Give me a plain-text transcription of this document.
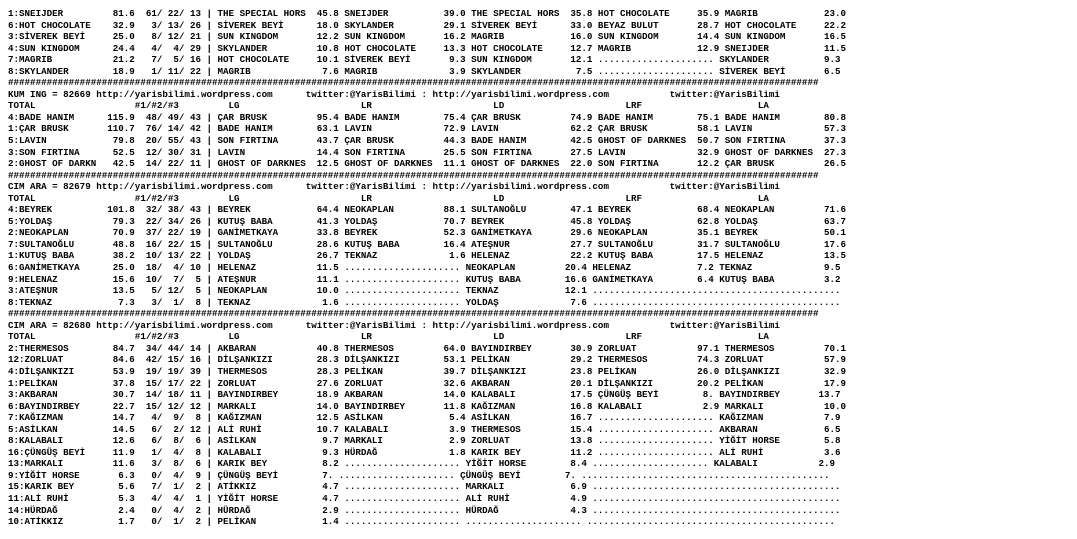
1:SNEIJDER         81.6  61/ 22/ 13 | THE SPECIAL HORS  45.8 SNEIJDER          39.0 THE SPECIAL HORS  35.8 HOT CHOCOLATE     35.9 MAGRIB            23.0
6:HOT CHOCOLATE    32.9   3/ 13/ 26 | SİVEREK BEYİ      18.0 SKYLANDER         29.1 SİVEREK BEYİ      33.0 BEYAZ BULUT       28.7 HOT CHOCOLATE     22.2
3:SİVEREK BEYİ     25.0   8/ 12/ 21 | SUN KINGDOM       12.2 SUN KINGDOM       16.2 MAGRIB            16.0 SUN KINGDOM       14.4 SUN KINGDOM       16.5
4:SUN KINGDOM      24.4   4/  4/ 29 | SKYLANDER         10.8 HOT CHOCOLATE     13.3 HOT CHOCOLATE     12.7 MAGRIB            12.9 SNEIJDER          11.5
7:MAGRIB           21.2   7/  5/ 16 | HOT CHOCOLATE     10.1 SİVEREK BEYİ       9.3 SUN KINGDOM       12.1 ..................... SKYLANDER          9.3
8:SKYLANDER        18.9   1/ 11/ 22 | MAGRIB             7.6 MAGRIB             3.9 SKYLANDER          7.5 ..................... SİVEREK BEYİ       6.5
###################################################################################################################################################
KUM ING = 82669 http://yarisbilimi.wordpress.com      twitter:@YarisBilimi : http://yarisbilimi.wordpress.com           twitter:@YarisBilimi
TOTAL                  #1/#2/#3         LG                      LR                      LD                      LRF                     LA
4:BADE HANIM      115.9  48/ 49/ 43 | ÇAR BRUSK         95.4 BADE HANIM        75.4 ÇAR BRUSK         74.9 BADE HANIM        75.1 BADE HANIM        80.8
1:ÇAR BRUSK       110.7  76/ 14/ 42 | BADE HANIM        63.1 LAVIN             72.9 LAVIN             62.2 ÇAR BRUSK         58.1 LAVIN             57.3
5:LAVIN            79.8  20/ 55/ 43 | SON FIRTINA       43.7 ÇAR BRUSK         44.3 BADE HANIM        42.5 GHOST OF DARKNES  50.7 SON FIRTINA       37.3
3:SON FIRTINA      52.5  12/ 30/ 31 | LAVIN             14.4 SON FIRTINA       25.5 SON FIRTINA       27.5 LAVIN             32.9 GHOST OF DARKNES  27.3
2:GHOST OF DARKN   42.5  14/ 22/ 11 | GHOST OF DARKNES  12.5 GHOST OF DARKNES  11.1 GHOST OF DARKNES  22.0 SON FIRTINA       12.2 ÇAR BRUSK         26.5
###################################################################################################################################################
CIM ARA = 82679 http://yarisbilimi.wordpress.com      twitter:@YarisBilimi : http://yarisbilimi.wordpress.com           twitter:@YarisBilimi
TOTAL                  #1/#2/#3         LG                      LR                      LD                      LRF                     LA
4:BEYREK          101.8  32/ 38/ 43 | BEYREK            64.4 NEOKAPLAN         88.1 SULTANOĞLU        47.1 BEYREK            68.4 NEOKAPLAN         71.6
5:YOLDAŞ           79.3  22/ 34/ 26 | KUTUŞ BABA        41.3 YOLDAŞ            70.7 BEYREK            45.8 YOLDAŞ            62.8 YOLDAŞ            63.7
2:NEOKAPLAN        70.9  37/ 22/ 19 | GANİMETKAYA       33.8 BEYREK            52.3 GANİMETKAYA       29.6 NEOKAPLAN         35.1 BEYREK            50.1
7:SULTANOĞLU       48.8  16/ 22/ 15 | SULTANOĞLU        28.6 KUTUŞ BABA        16.4 ATEŞNUR           27.7 SULTANOĞLU        31.7 SULTANOĞLU        17.6
1:KUTUŞ BABA       38.2  10/ 13/ 22 | YOLDAŞ            26.7 TEKNAZ             1.6 HELENAZ           22.2 KUTUŞ BABA        17.5 HELENAZ           13.5
6:GANİMETKAYA      25.0  18/  4/ 10 | HELENAZ           11.5 ..................... NEOKAPLAN         20.4 HELENAZ            7.2 TEKNAZ             9.5
9:HELENAZ          15.6  10/  7/  5 | ATEŞNUR           11.1 ..................... KUTUŞ BABA        16.6 GANİMETKAYA        6.4 KUTUŞ BABA         3.2
3:ATEŞNUR          13.5   5/ 12/  5 | NEOKAPLAN         10.0 ..................... TEKNAZ            12.1 .............................................
8:TEKNAZ            7.3   3/  1/  8 | TEKNAZ             1.6 ..................... YOLDAŞ             7.6 .............................................
###################################################################################################################################################
CIM ARA = 82680 http://yarisbilimi.wordpress.com      twitter:@YarisBilimi : http://yarisbilimi.wordpress.com           twitter:@YarisBilimi
TOTAL                  #1/#2/#3         LG                      LR                      LD                      LRF                     LA
2:THERMESOS        84.7  34/ 44/ 14 | AKBARAN           40.8 THERMESOS         64.0 BAYINDIRBEY       30.9 ZORLUAT           97.1 THERMESOS         70.1
12:ZORLUAT         84.6  42/ 15/ 16 | DİLŞANKIZI        28.3 DİLŞANKIZI        53.1 PELİKAN           29.2 THERMESOS         74.3 ZORLUAT           57.9
4:DİLŞANKIZI       53.9  19/ 19/ 39 | THERMESOS         28.3 PELİKAN           39.7 DİLŞANKIZI        23.8 PELİKAN           26.0 DİLŞANKIZI        32.9
1:PELİKAN          37.8  15/ 17/ 22 | ZORLUAT           27.6 ZORLUAT           32.6 AKBARAN           20.1 DİLŞANKIZI        20.2 PELİKAN           17.9
3:AKBARAN          30.7  14/ 18/ 11 | BAYINDIRBEY       18.9 AKBARAN           14.0 KALABALI          17.5 ÇÜNGÜŞ BEYİ        8. BAYINDIRBEY       13.7
6:BAYINDIRBEY      22.7  15/ 12/ 12 | MARKALI           14.0 BAYINDIRBEY       11.8 KAĞIZMAN          16.8 KALABALI           2.9 MARKALI           10.0
7:KAĞIZMAN         14.7   4/  9/  8 | KAĞIZMAN          12.5 ASİLKAN            5.4 ASİLKAN           16.7 ..................... KAĞIZMAN           7.9
5:ASİLKAN          14.5   6/  2/ 12 | ALİ RUHİ          10.7 KALABALI           3.9 THERMESOS         15.4 ..................... AKBARAN            6.5
8:KALABALI         12.6   6/  8/  6 | ASİLKAN            9.7 MARKALI            2.9 ZORLUAT           13.8 ..................... YİĞİT HORSE        5.8
16:ÇÜNGÜŞ BEYİ     11.9   1/  4/  8 | KALABALI           9.3 HÜRDAĞ             1.8 KARIK BEY         11.2 ..................... ALİ RUHİ           3.6
13:MARKALI         11.6   3/  8/  6 | KARIK BEY          8.2 ..................... YİĞİT HORSE        8.4 ..................... KALABALI           2.9
9:YİĞİT HORSE       6.3   0/  4/  9 | ÇÜNGÜŞ BEYİ        7. ..................... ÇÜNGÜŞ BEYİ        7. .............................................
15:KARIK BEY        5.6   7/  1/  2 | ATİKKIZ            4.7 ..................... MARKALI            6.9 .............................................
11:ALİ RUHİ         5.3   4/  4/  1 | YİĞİT HORSE        4.7 ..................... ALİ RUHİ           4.9 .............................................
14:HÜRDAĞ           2.4   0/  4/  2 | HÜRDAĞ             2.9 ..................... HÜRDAĞ             4.3 .............................................
10:ATİKKIZ          1.7   0/  1/  2 | PELİKAN            1.4 ..................... ..................... .............................................
